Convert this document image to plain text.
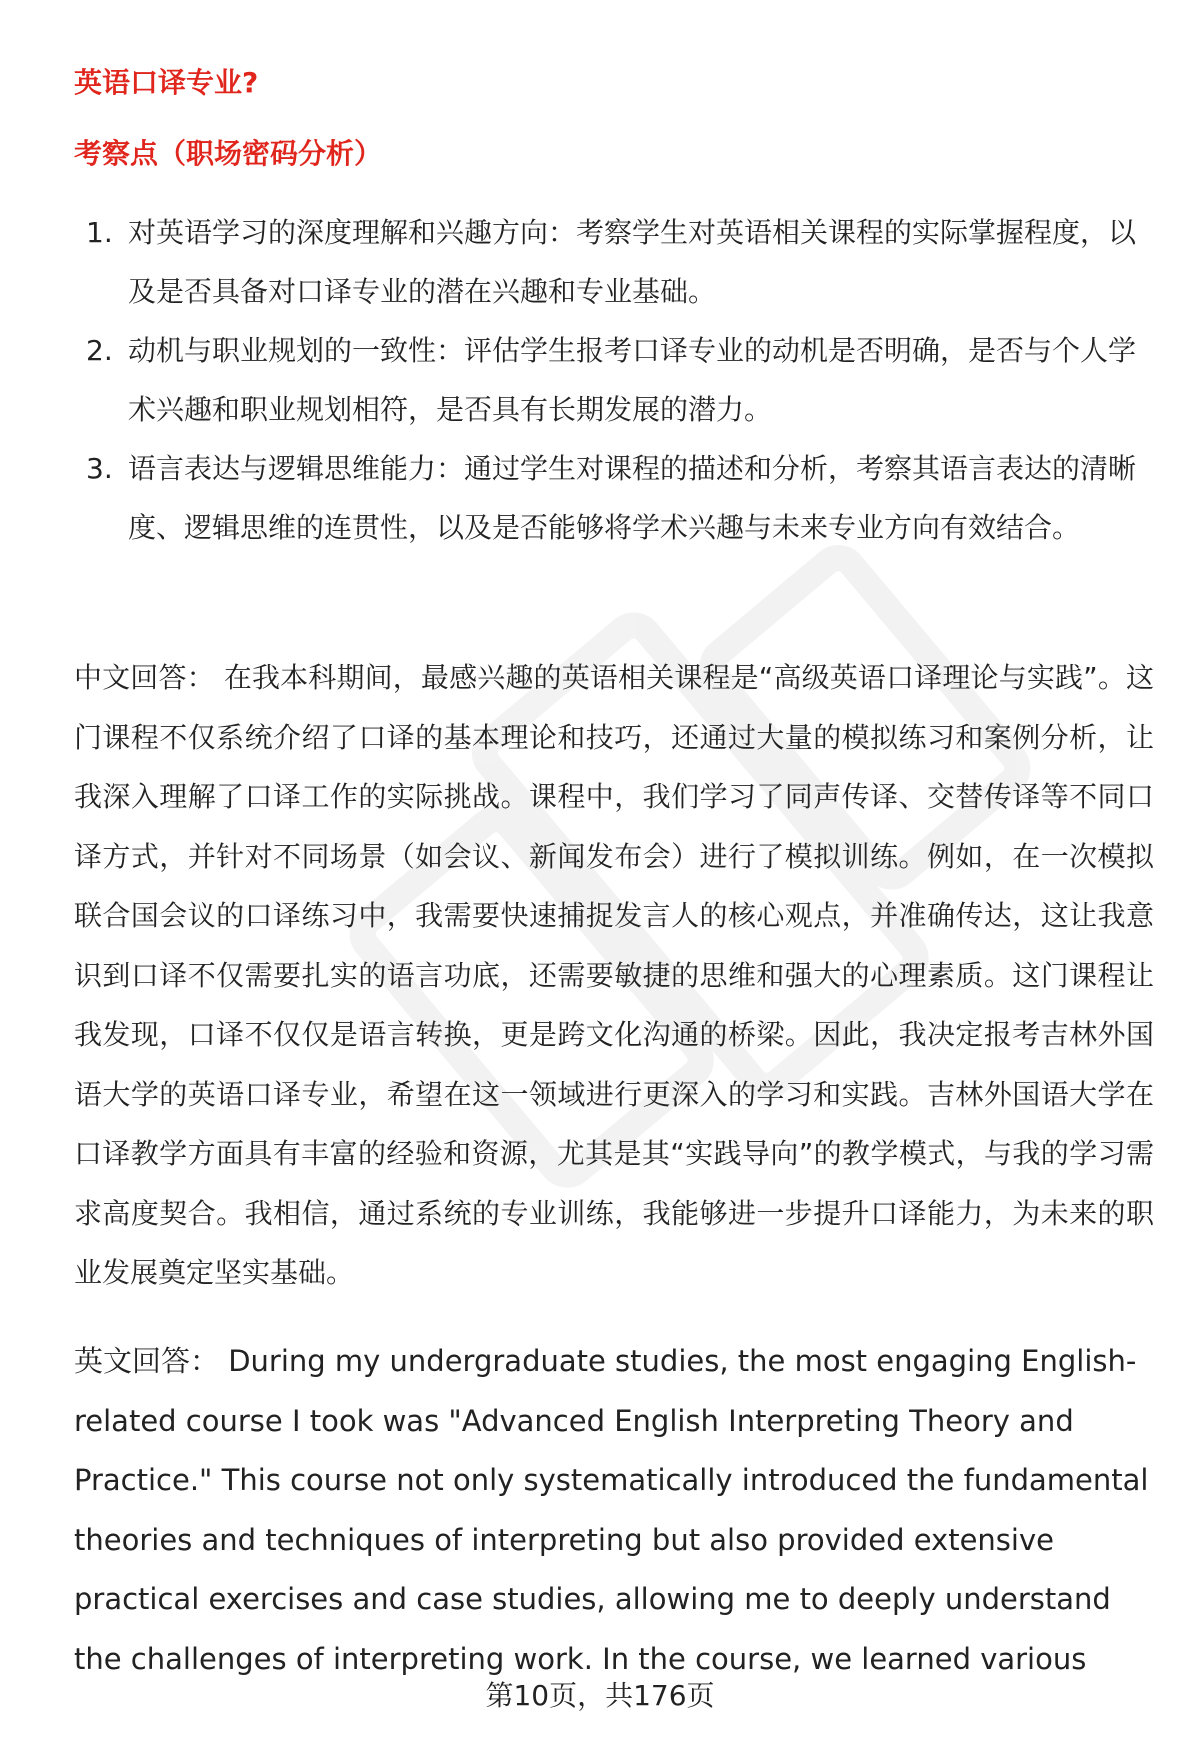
英语口译专业?
考察点（职场密码分析）
1. 对英语学习的深度理解和兴趣方向：考察学生对英语相关课程的实际掌握程度，以及是否具备对口译专业的潜在兴趣和专业基础。
2. 动机与职业规划的一致性：评估学生报考口译专业的动机是否明确，是否与个人学术兴趣和职业规划相符，是否具有长期发展的潜力。
3. 语言表达与逻辑思维能力：通过学生对课程的描述和分析，考察其语言表达的清晰度、逻辑思维的连贯性，以及是否能够将学术兴趣与未来专业方向有效结合。

中文回答： 在我本科期间，最感兴趣的英语相关课程是“高级英语口译理论与实践”。这门课程不仅系统介绍了口译的基本理论和技巧，还通过大量的模拟练习和案例分析，让我深入理解了口译工作的实际挑战。课程中，我们学习了同声传译、交替传译等不同口译方式，并针对不同场景（如会议、新闻发布会）进行了模拟训练。例如，在一次模拟联合国会议的口译练习中，我需要快速捕捉发言人的核心观点，并准确传达，这让我意识到口译不仅需要扎实的语言功底，还需要敏捷的思维和强大的心理素质。这门课程让我发现，口译不仅仅是语言转换，更是跨文化沟通的桥梁。因此，我决定报考吉林外国语大学的英语口译专业，希望在这一领域进行更深入的学习和实践。吉林外国语大学在口译教学方面具有丰富的经验和资源，尤其是其“实践导向”的教学模式，与我的学习需求高度契合。我相信，通过系统的专业训练，我能够进一步提升口译能力，为未来的职业发展奠定坚实基础。

英文回答： During my undergraduate studies, the most engaging English-related course I took was "Advanced English Interpreting Theory and Practice." This course not only systematically introduced the fundamental theories and techniques of interpreting but also provided extensive practical exercises and case studies, allowing me to deeply understand the challenges of interpreting work. In the course, we learned various

第10页，共176页
